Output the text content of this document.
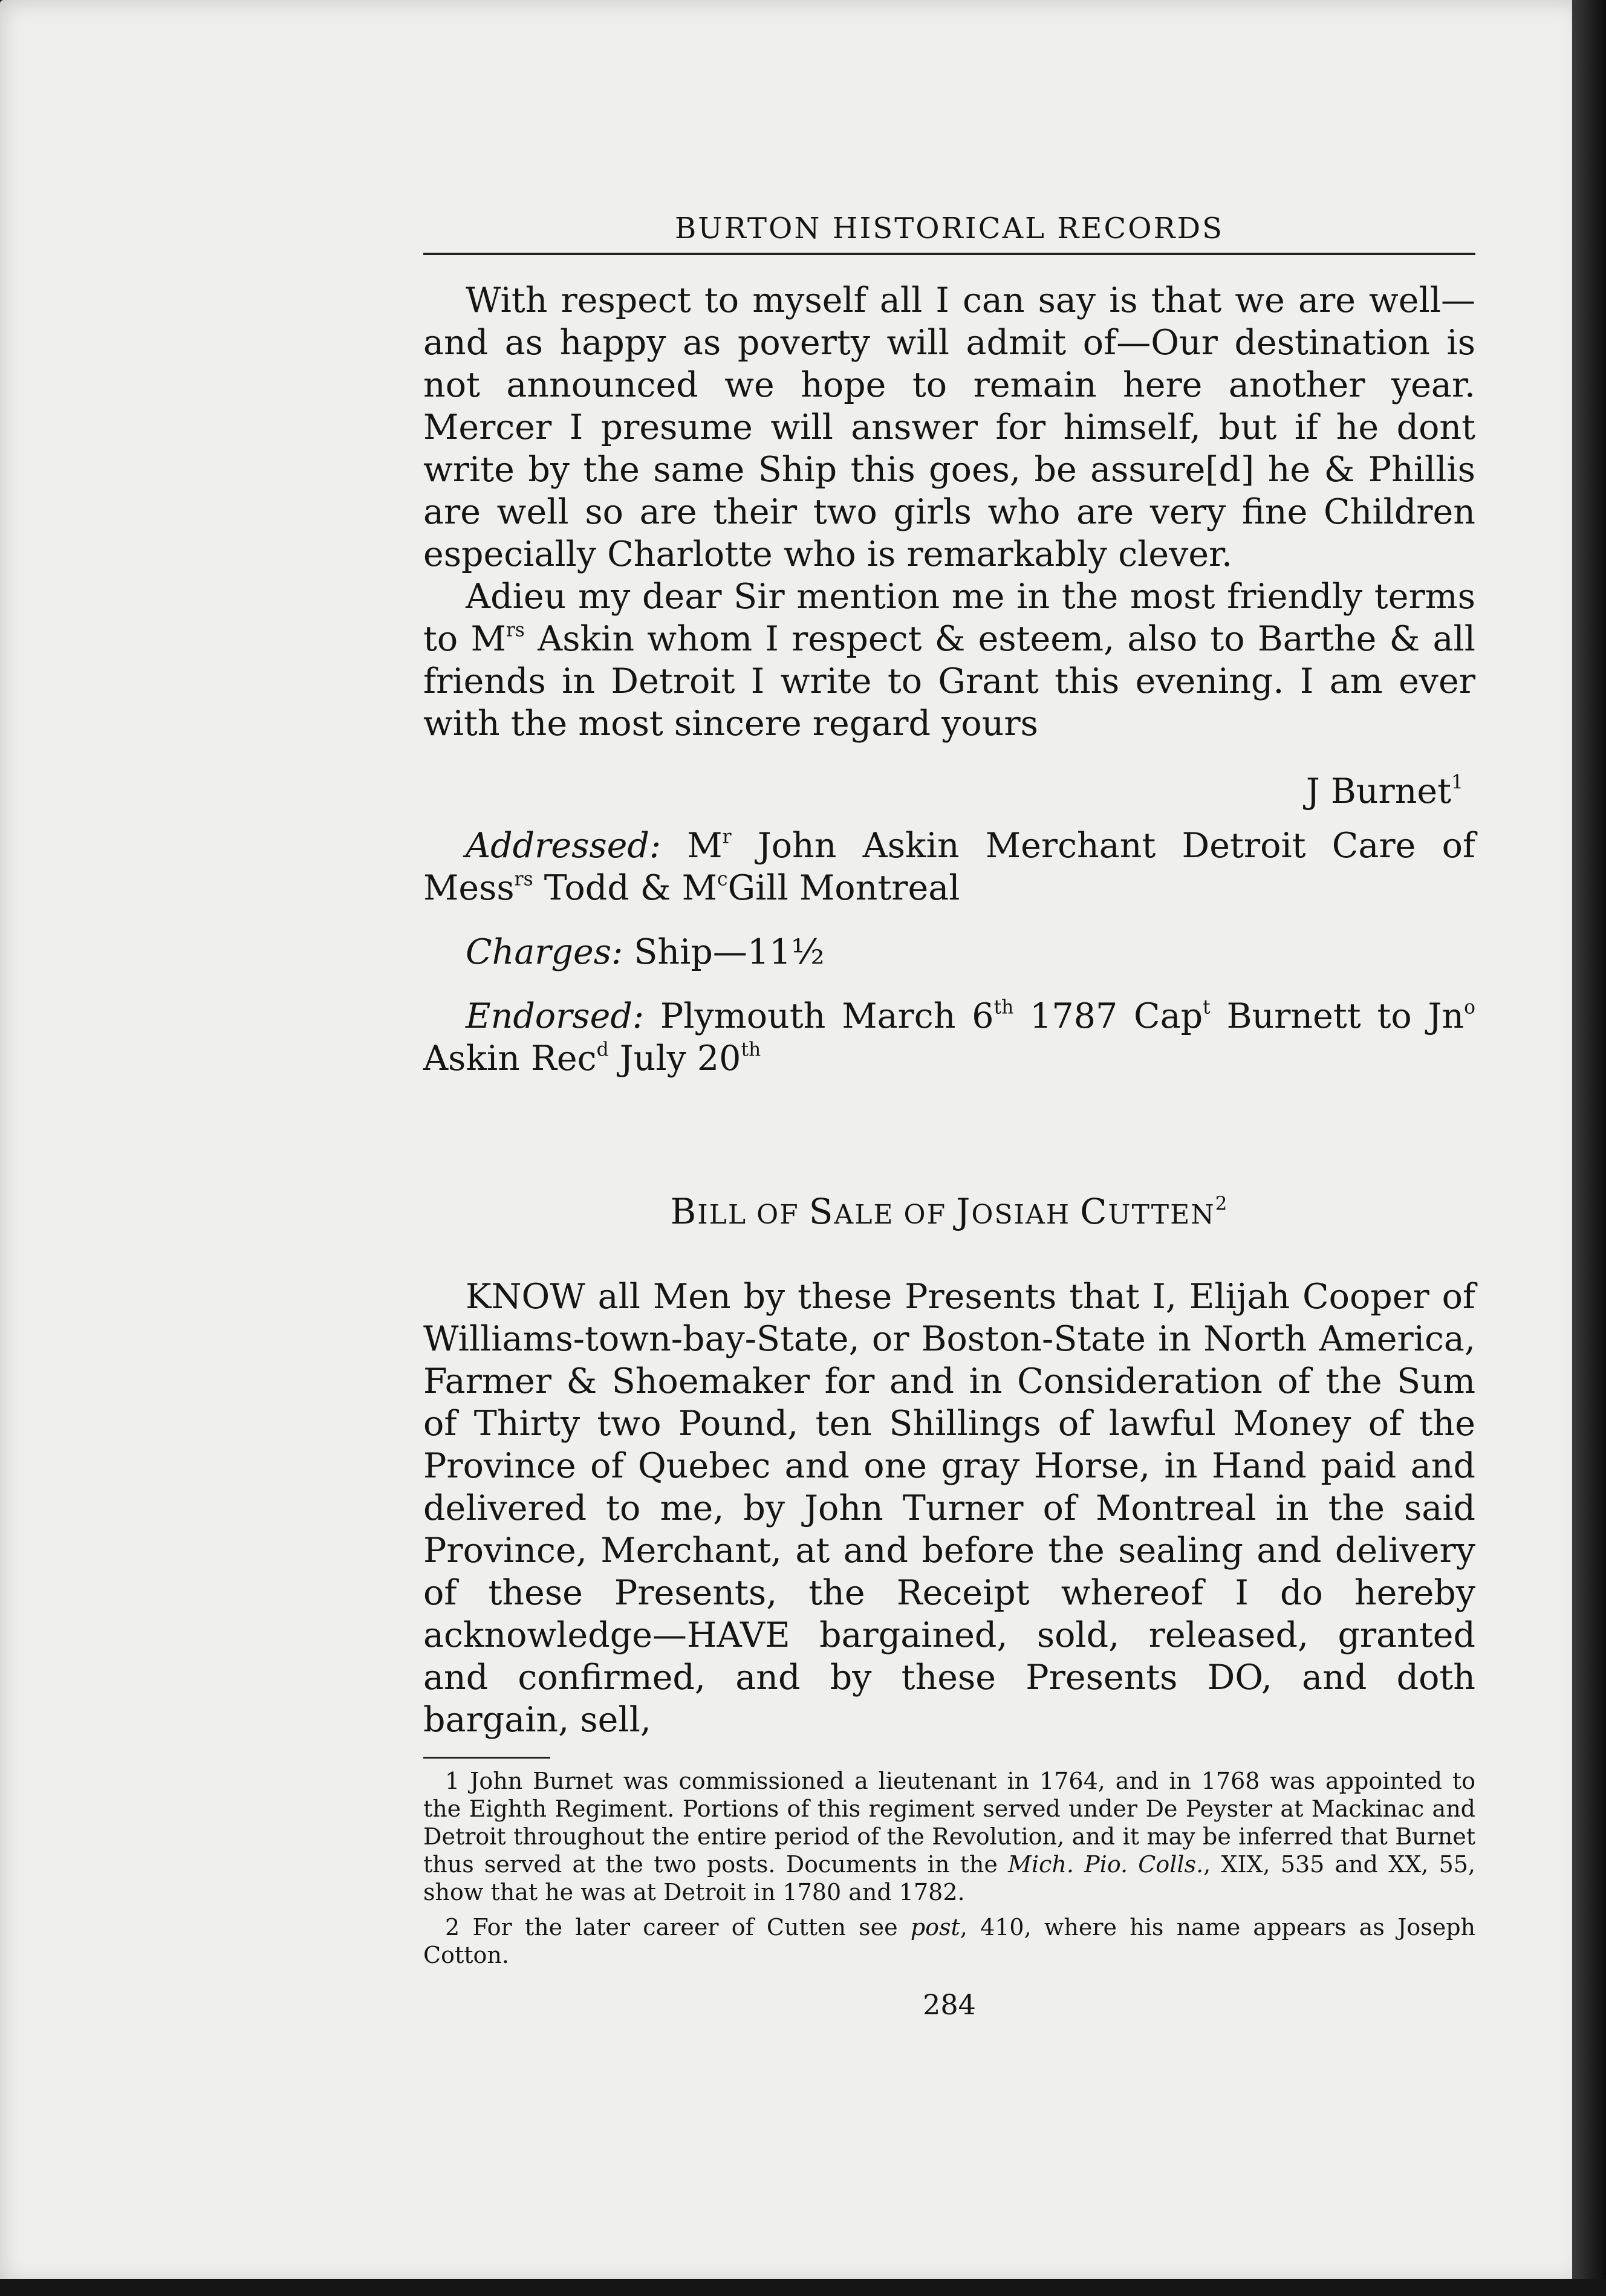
BURTON HISTORICAL RECORDS

With respect to myself all I can say is that we are well—and as happy as poverty will admit of—Our destination is not announced we hope to remain here another year. Mercer I presume will answer for himself, but if he dont write by the same Ship this goes, be assure[d] he & Phillis are well so are their two girls who are very fine Children especially Charlotte who is remarkably clever.

Adieu my dear Sir mention me in the most friendly terms to $M^{rs}$ Askin whom I respect & esteem, also to Barthe & all friends in Detroit I write to Grant this evening. I am ever with the most sincere regard yours

J Burnet$^1$

Addressed: $M^r$ John Askin Merchant Detroit Care of Mess$^{rs}$ Todd & $M^cGill$ Montreal

Charges: Ship—11½

Endorsed: Plymouth March 6th 1787 Cap$^t$ Burnett to Jn$^o$ Askin Rec$^d$ July 20th

BILL OF SALE OF JOSIAH CUTTEN$^2$

KNOW all Men by these Presents that I, Elijah Cooper of Williams-town-bay-State, or Boston-State in North America, Farmer & Shoemaker for and in Consideration of the Sum of Thirty two Pound, ten Shillings of lawful Money of the Province of Quebec and one gray Horse, in Hand paid and delivered to me, by John Turner of Montreal in the said Province, Merchant, at and before the sealing and delivery of these Presents, the Receipt whereof I do hereby acknowledge—HAVE bargained, sold, released, granted and confirmed, and by these Presents DO, and doth bargain, sell,

1 John Burnet was commissioned a lieutenant in 1764, and in 1768 was appointed to the Eighth Regiment. Portions of this regiment served under De Peyster at Mackinac and Detroit throughout the entire period of the Revolution, and it may be inferred that Burnet thus served at the two posts. Documents in the Mich. Pio. Colls., XIX, 535 and XX, 55, show that he was at Detroit in 1780 and 1782.

2 For the later career of Cutten see post, 410, where his name appears as Joseph Cotton.

284
